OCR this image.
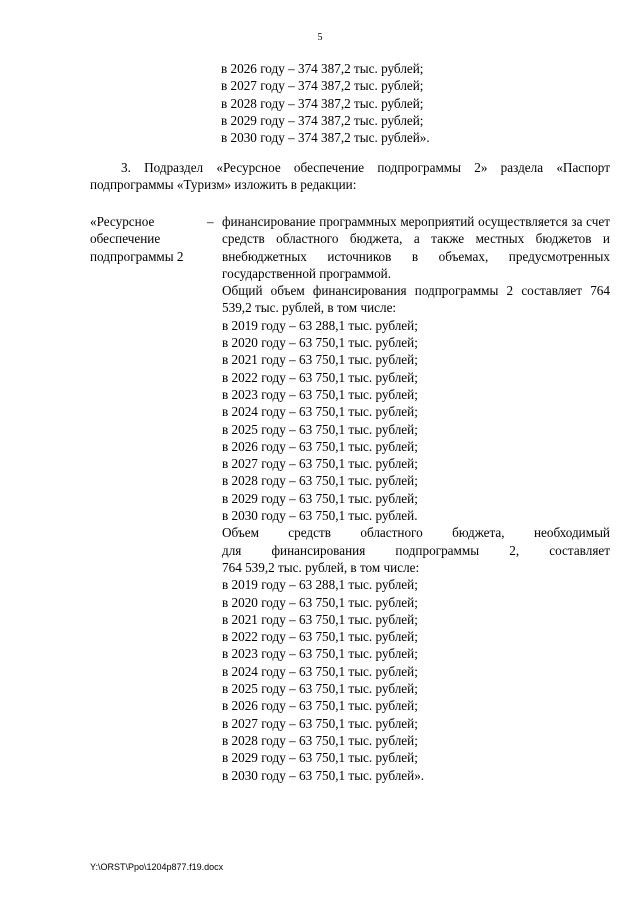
5
в 2026 году – 374 387,2 тыс. рублей;
в 2027 году – 374 387,2 тыс. рублей;
в 2028 году – 374 387,2 тыс. рублей;
в 2029 году – 374 387,2 тыс. рублей;
в 2030 году – 374 387,2 тыс. рублей».
3. Подраздел «Ресурсное обеспечение подпрограммы 2» раздела «Паспорт подпрограммы «Туризм» изложить в редакции:
«Ресурсное
обеспечение
подпрограммы 2
– финансирование программных мероприятий осуществляется за счет средств областного бюджета, а также местных бюджетов и внебюджетных источников в объемах, предусмотренных государственной программой.
Общий объем финансирования подпрограммы 2 составляет 764 539,2 тыс. рублей, в том числе:
в 2019 году – 63 288,1 тыс. рублей;
в 2020 году – 63 750,1 тыс. рублей;
в 2021 году – 63 750,1 тыс. рублей;
в 2022 году – 63 750,1 тыс. рублей;
в 2023 году – 63 750,1 тыс. рублей;
в 2024 году – 63 750,1 тыс. рублей;
в 2025 году – 63 750,1 тыс. рублей;
в 2026 году – 63 750,1 тыс. рублей;
в 2027 году – 63 750,1 тыс. рублей;
в 2028 году – 63 750,1 тыс. рублей;
в 2029 году – 63 750,1 тыс. рублей;
в 2030 году – 63 750,1 тыс. рублей.
Объем средств областного бюджета, необходимый
для финансирования подпрограммы 2, составляет
764 539,2 тыс. рублей, в том числе:
в 2019 году – 63 288,1 тыс. рублей;
в 2020 году – 63 750,1 тыс. рублей;
в 2021 году – 63 750,1 тыс. рублей;
в 2022 году – 63 750,1 тыс. рублей;
в 2023 году – 63 750,1 тыс. рублей;
в 2024 году – 63 750,1 тыс. рублей;
в 2025 году – 63 750,1 тыс. рублей;
в 2026 году – 63 750,1 тыс. рублей;
в 2027 году – 63 750,1 тыс. рублей;
в 2028 году – 63 750,1 тыс. рублей;
в 2029 году – 63 750,1 тыс. рублей;
в 2030 году – 63 750,1 тыс. рублей».
Y:\ORST\Ppo\1204p877.f19.docx
